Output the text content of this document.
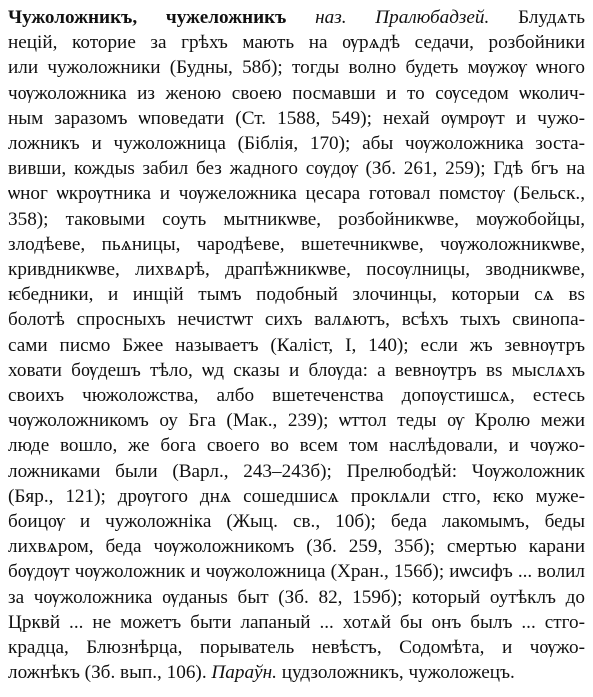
Чужоложникъ, чужеложникъ наз. Пралюбадзей. Блудѧть
нецій, которие за грѣхъ мають на ѹрѧдѣ седачи, розбойники
или чужоложники (Будны, 58б); тогды волно будеть мѹжѹ ѡного
чѹжоложника из женою своею посмавши и то сѹседом ѡколич-
ным заразомъ ѡповедати (Ст. 1588, 549); нехай ѹмрѹт и чужо-
ложникъ и чужоложница (Біблія, 170); абы чѹжоложника зоста-
вивши, кождыѕ забил без жадного сѹдѹ (Зб. 261, 259); Гдѣ бгъ на
ѡног ѡкрѹтника и чѹжеложника цесара готовал помстѹ (Бельск.,
358); таковыми соуть мытникѡве, розбойникѡве, мѹжобойцы,
злодѣеве, пьѧницы, чародѣеве, вшетечникѡве, чѹжоложникѡве,
кривдникѡве, лихвѧрѣ, драпѣжникѡве, посѹлницы, зводникѡве,
ѥбедники, и инщій тымъ подобный злочинцы, которыи сѧ вѕ
болотѣ спросныхъ нечистѡт сихъ валѧютъ, всѣхъ тыхъ свинопа-
сами писмо Бжее называетъ (Каліст, I, 140); если жъ зевнѹтръ
ховати бѹдешъ тѣло, ѡд сказы и блѹда: а вевнѹтръ вѕ мыслѧхъ
своихъ чюжоложства, албо вшетеченства допѹстишсѧ, естесь
чѹжоложникомъ оу Бга (Мак., 239); ѡттол теды ѹ Кролю межи
люде вошло, же бога своего во всем том наслѣдовали, и чѹжо-
ложниками были (Варл., 243–243б); Прелюбодѣй: Чѹжоложник
(Бяр., 121); дрѹгого днѧ сошедшисѧ проклѧли стго, ѥко муже-
боицѹ и чужоложніка (Жыц. св., 10б); беда лакомымъ, беды
лихвѧром, беда чѹжоложникомъ (Зб. 259, 35б); смертью карани
бѹдѹт чѹжоложник и чѹжоложница (Хран., 156б); иѡсифъ ... волил
за чѹжоложника ѹданыѕ быт (Зб. 82, 159б); который оутѣклъ до
Црквй ... не можетъ быти лапаный ... хотѧй бы онъ былъ ... стго-
крадца, Блюзнѣрца, порыватель невѣстъ, Содомѣта, и чѹжо-
ложнѣкъ (Зб. вып., 106). Параўн. цудзоложникъ, чужоложецъ.
